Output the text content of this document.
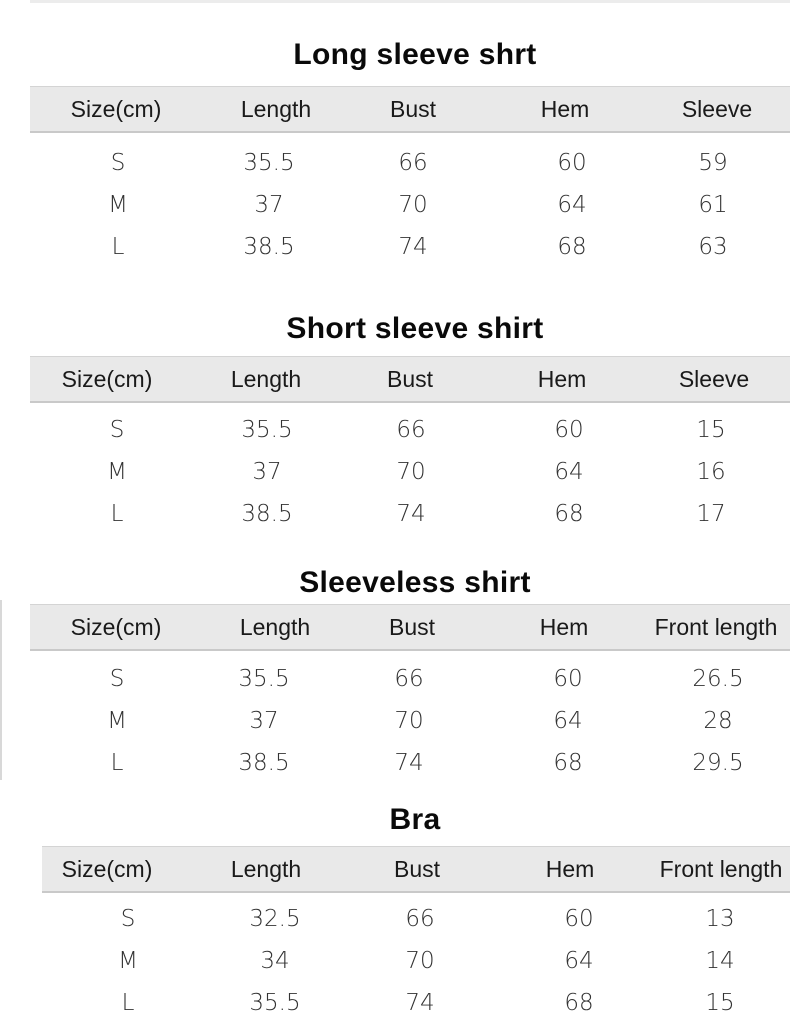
Long sleeve shrt
Size(cm)	Length	Bust	Hem	Sleeve
S	35.5	66	60	59
M	37	70	64	61
L	38.5	74	68	63
Short sleeve shirt
Size(cm)	Length	Bust	Hem	Sleeve
S	35.5	66	60	15
M	37	70	64	16
L	38.5	74	68	17
Sleeveless shirt
Size(cm)	Length	Bust	Hem	Front length
S	35.5	66	60	26.5
M	37	70	64	28
L	38.5	74	68	29.5
Bra
Size(cm)	Length	Bust	Hem	Front length
S	32.5	66	60	13
M	34	70	64	14
L	35.5	74	68	15
